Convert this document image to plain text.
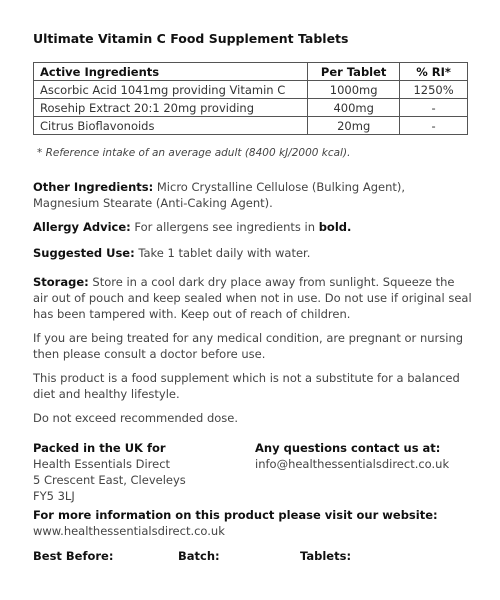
Ultimate Vitamin C Food Supplement Tablets
Active Ingredients	Per Tablet	% RI*
Ascorbic Acid 1041mg providing Vitamin C	1000mg	1250%
Rosehip Extract 20:1 20mg providing	400mg	-
Citrus Bioflavonoids	20mg	-
* Reference intake of an average adult (8400 kJ/2000 kcal).
Other Ingredients: Micro Crystalline Cellulose (Bulking Agent), Magnesium Stearate (Anti-Caking Agent).
Allergy Advice: For allergens see ingredients in bold.
Suggested Use: Take 1 tablet daily with water.
Storage: Store in a cool dark dry place away from sunlight. Squeeze the air out of pouch and keep sealed when not in use. Do not use if original seal has been tampered with. Keep out of reach of children.
If you are being treated for any medical condition, are pregnant or nursing then please consult a doctor before use.
This product is a food supplement which is not a substitute for a balanced diet and healthy lifestyle.
Do not exceed recommended dose.
Packed in the UK for
Health Essentials Direct
5 Crescent East, Cleveleys
FY5 3LJ
Any questions contact us at:
info@healthessentialsdirect.co.uk
For more information on this product please visit our website:
www.healthessentialsdirect.co.uk
Best Before:	Batch:	Tablets:
